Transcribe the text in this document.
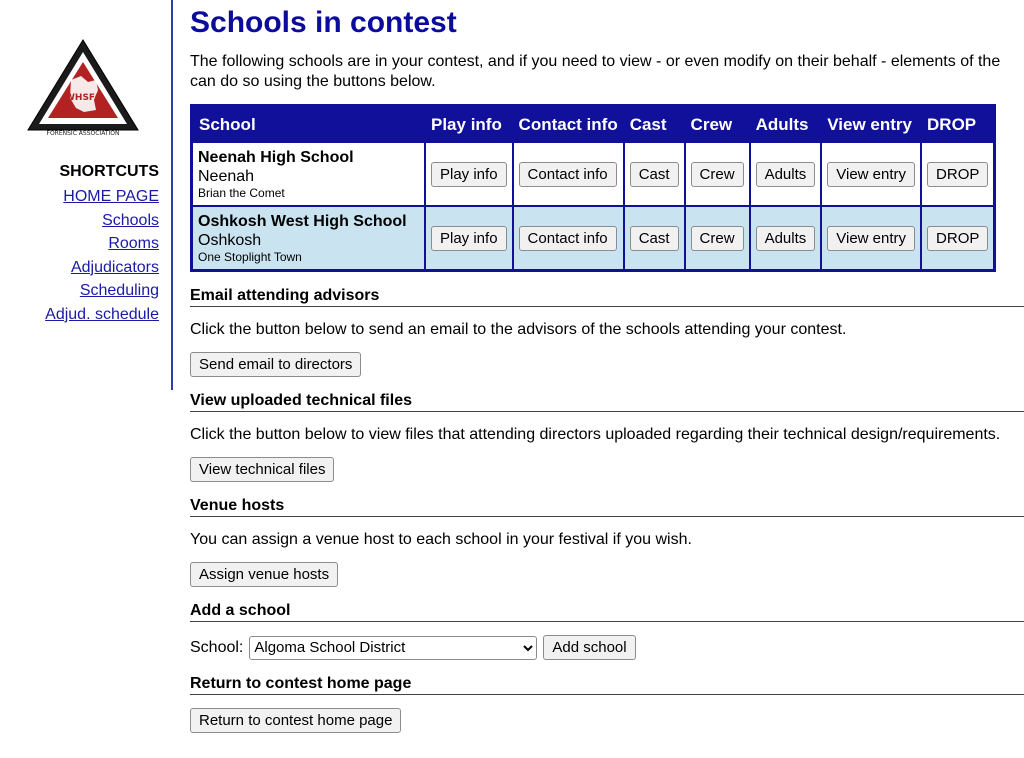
WHSFA
FORENSIC ASSOCIATION
SHORTCUTS
HOME PAGE
Schools
Rooms
Adjudicators
Scheduling
Adjud. schedule
Schools in contest
The following schools are in your contest, and if you need to view - or even modify on their behalf - elements of the
can do so using the buttons below.
School	Play info	Contact info	Cast	Crew	Adults	View entry	DROP

Neenah High School
Neenah
Brian the Comet	Play info	Contact info	Cast	Crew	Adults	View entry	DROP

Oshkosh West High School
Oshkosh
One Stoplight Town	Play info	Contact info	Cast	Crew	Adults	View entry	DROP
Email attending advisors

Click the button below to send an email to the advisors of the schools attending your contest.

Send email to directors
View uploaded technical files

Click the button below to view files that attending directors uploaded regarding their technical design/requirements.

View technical files
Venue hosts

You can assign a venue host to each school in your festival if you wish.

Assign venue hosts
Add a school
School:
Algoma School District	Add school
Return to contest home page
Return to contest home page
